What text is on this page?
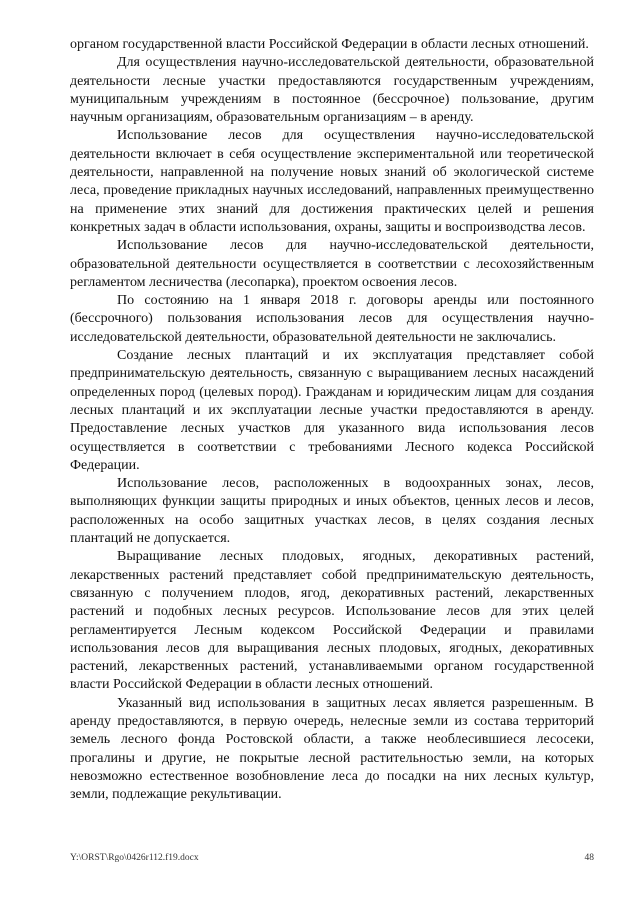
органом государственной власти Российской Федерации в области лесных отношений.

Для осуществления научно-исследовательской деятельности, образовательной деятельности лесные участки предоставляются государственным учреждениям, муниципальным учреждениям в постоянное (бессрочное) пользование, другим научным организациям, образовательным организациям – в аренду.

Использование лесов для осуществления научно-исследовательской деятельности включает в себя осуществление экспериментальной или теоретической деятельности, направленной на получение новых знаний об экологической системе леса, проведение прикладных научных исследований, направленных преимущественно на применение этих знаний для достижения практических целей и решения конкретных задач в области использования, охраны, защиты и воспроизводства лесов.

Использование лесов для научно-исследовательской деятельности, образовательной деятельности осуществляется в соответствии с лесохозяйственным регламентом лесничества (лесопарка), проектом освоения лесов.

По состоянию на 1 января 2018 г. договоры аренды или постоянного (бессрочного) пользования использования лесов для осуществления научно-исследовательской деятельности, образовательной деятельности не заключались.

Создание лесных плантаций и их эксплуатация представляет собой предпринимательскую деятельность, связанную с выращиванием лесных насаждений определенных пород (целевых пород). Гражданам и юридическим лицам для создания лесных плантаций и их эксплуатации лесные участки предоставляются в аренду. Предоставление лесных участков для указанного вида использования лесов осуществляется в соответствии с требованиями Лесного кодекса Российской Федерации.

Использование лесов, расположенных в водоохранных зонах, лесов, выполняющих функции защиты природных и иных объектов, ценных лесов и лесов, расположенных на особо защитных участках лесов, в целях создания лесных плантаций не допускается.

Выращивание лесных плодовых, ягодных, декоративных растений, лекарственных растений представляет собой предпринимательскую деятельность, связанную с получением плодов, ягод, декоративных растений, лекарственных растений и подобных лесных ресурсов. Использование лесов для этих целей регламентируется Лесным кодексом Российской Федерации и правилами использования лесов для выращивания лесных плодовых, ягодных, декоративных растений, лекарственных растений, устанавливаемыми органом государственной власти Российской Федерации в области лесных отношений.

Указанный вид использования в защитных лесах является разрешенным. В аренду предоставляются, в первую очередь, нелесные земли из состава территорий земель лесного фонда Ростовской области, а также необлесившиеся лесосеки, прогалины и другие, не покрытые лесной растительностью земли, на которых невозможно естественное возобновление леса до посадки на них лесных культур, земли, подлежащие рекультивации.

Y:\ORST\Rgo\0426r112.f19.docx	48
